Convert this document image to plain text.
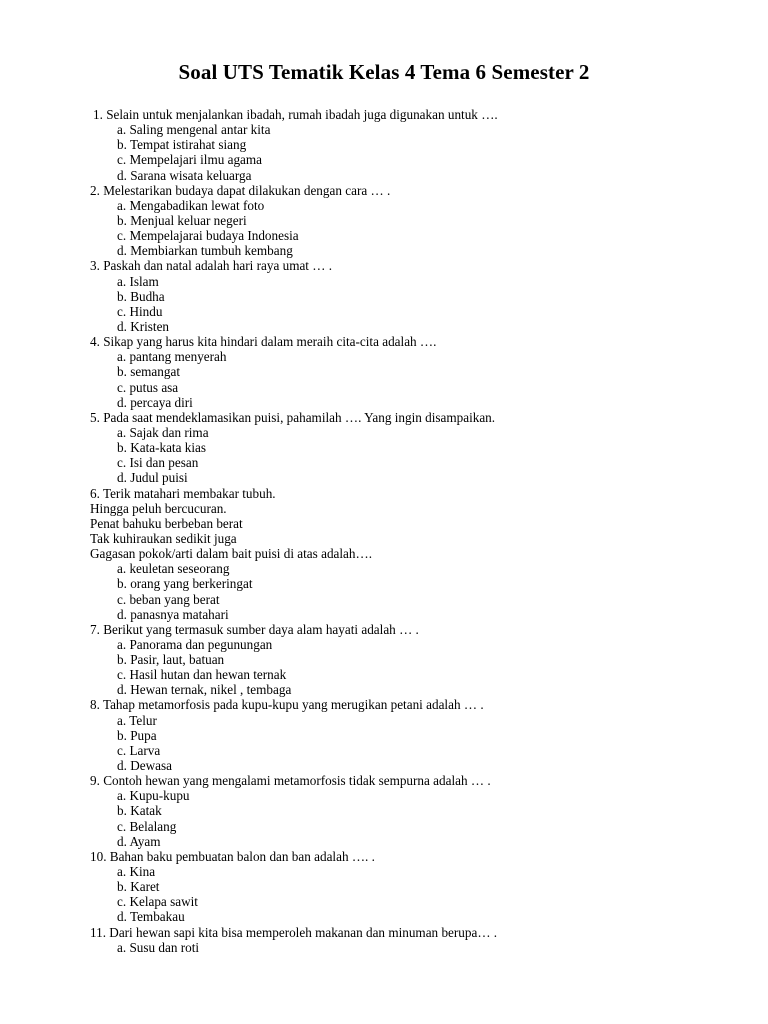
Soal UTS Tematik Kelas 4 Tema 6 Semester 2
1. Selain untuk menjalankan ibadah, rumah ibadah juga digunakan untuk ….
a. Saling mengenal antar kita
b. Tempat istirahat siang
c. Mempelajari ilmu agama
d. Sarana wisata keluarga
2. Melestarikan budaya dapat dilakukan dengan cara … .
a. Mengabadikan lewat foto
b. Menjual keluar negeri
c. Mempelajarai budaya Indonesia
d. Membiarkan tumbuh kembang
3. Paskah dan natal adalah hari raya umat … .
a. Islam
b. Budha
c. Hindu
d. Kristen
4. Sikap yang harus kita hindari dalam meraih cita-cita adalah ….
a. pantang menyerah
b. semangat
c. putus asa
d. percaya diri
5. Pada saat mendeklamasikan puisi, pahamilah …. Yang ingin disampaikan.
a. Sajak dan rima
b. Kata-kata kias
c. Isi dan pesan
d. Judul puisi
6. Terik matahari membakar tubuh.
Hingga peluh bercucuran.
Penat bahuku berbeban berat
Tak kuhiraukan sedikit juga
Gagasan pokok/arti dalam bait puisi di atas adalah….
a. keuletan seseorang
b. orang yang berkeringat
c. beban yang berat
d. panasnya matahari
7. Berikut yang termasuk sumber daya alam hayati adalah … .
a. Panorama dan pegunungan
b. Pasir, laut, batuan
c. Hasil hutan dan hewan ternak
d. Hewan ternak, nikel , tembaga
8. Tahap metamorfosis pada kupu-kupu yang merugikan petani adalah … .
a. Telur
b. Pupa
c. Larva
d. Dewasa
9. Contoh hewan yang mengalami metamorfosis tidak sempurna adalah … .
a. Kupu-kupu
b. Katak
c. Belalang
d. Ayam
10. Bahan baku pembuatan balon dan ban adalah …. .
a. Kina
b. Karet
c. Kelapa sawit
d. Tembakau
11. Dari hewan sapi kita bisa memperoleh makanan dan minuman berupa… .
a. Susu dan roti
